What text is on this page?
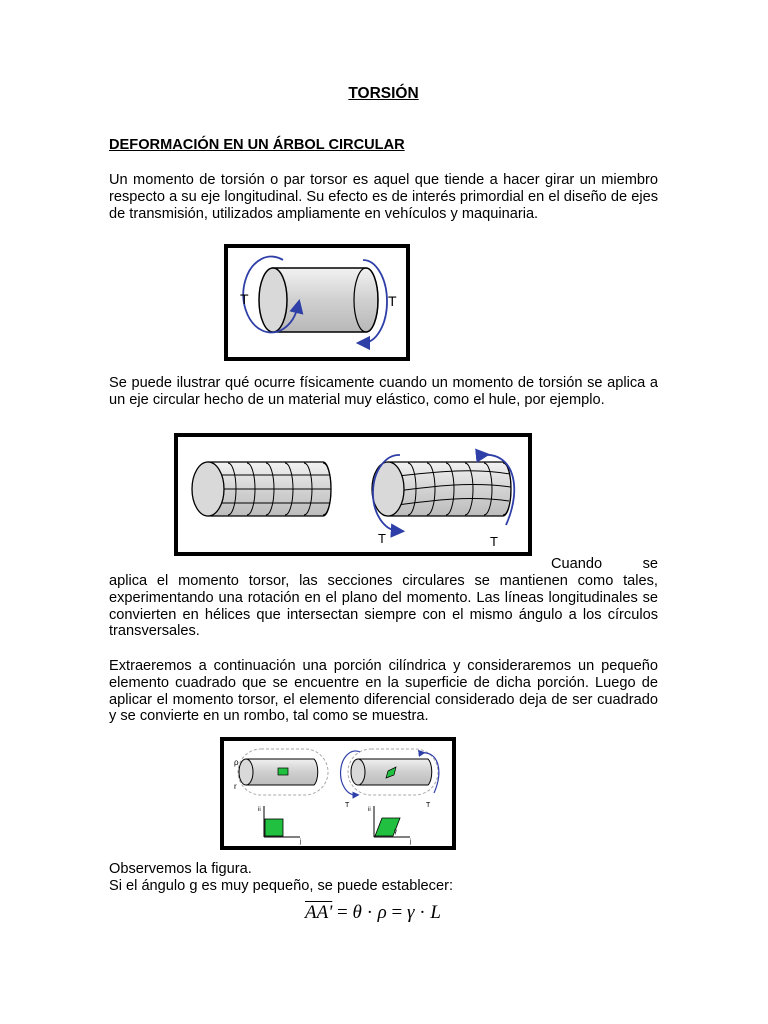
TORSIÓN
DEFORMACIÓN EN UN ÁRBOL CIRCULAR

Un momento de torsión o par torsor es aquel que tiende a hacer girar un miembro respecto a su eje longitudinal. Su efecto es de interés primordial en el diseño de ejes de transmisión, utilizados ampliamente en vehículos y maquinaria.

T	T

Se puede ilustrar qué ocurre físicamente cuando un momento de torsión se aplica a un eje circular hecho de un material muy elástico, como el hule, por ejemplo.

T	T
Cuando se

aplica el momento torsor, las secciones circulares se mantienen como tales, experimentando una rotación en el plano del momento. Las líneas longitudinales se convierten en hélices que intersectan siempre con el mismo ángulo a los círculos transversales.

Extraeremos a continuación una porción cilíndrica y consideraremos un pequeño elemento cuadrado que se encuentre en la superficie de dicha porción. Luego de aplicar el momento torsor, el elemento diferencial considerado deja de ser cuadrado y se convierte en un rombo, tal como se muestra.

ρ
r
ii
j
T	T
γ
ii
j
Observemos la figura.
Si el ángulo g es muy pequeño, se puede establecer:
AA' = θ · ρ = γ · L
